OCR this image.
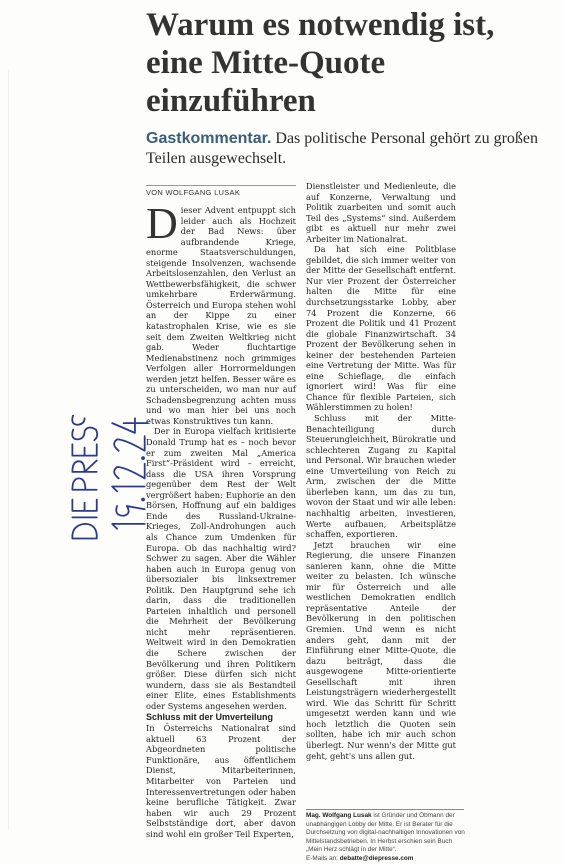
Warum es notwendig ist, eine Mitte-Quote einzuführen

Gastkommentar. Das politische Personal gehört zu großen Teilen ausgewechselt.

VON WOLFGANG LUSAK

Dieser Advent entpuppt sich leider auch als Hochzeit der Bad News: über aufbrandende Kriege, enorme Staatsverschuldungen, steigende Insolvenzen, wachsende Arbeitslosenzahlen, den Verlust an Wettbewerbsfähigkeit, die schwer umkehrbare Erderwärmung. Österreich und Europa stehen wohl an der Kippe zu einer katastrophalen Krise, wie es sie seit dem Zweiten Weltkrieg nicht gab. Weder fluchtartige Medienabstinenz noch grimmiges Verfolgen aller Horrormeldungen werden jetzt helfen. Besser wäre es zu unterscheiden, wo man nur auf Schadensbegrenzung achten muss und wo man hier bei uns noch etwas Konstruktives tun kann.

Der in Europa vielfach kritisierte Donald Trump hat es – noch bevor er zum zweiten Mal „America First“-Präsident wird – erreicht, dass die USA ihren Vorsprung gegenüber dem Rest der Welt vergrößert haben: Euphorie an den Börsen, Hoffnung auf ein baldiges Ende des Russland-Ukraine-Krieges, Zoll-Androhungen auch als Chance zum Umdenken für Europa. Ob das nachhaltig wird? Schwer zu sagen. Aber die Wähler haben auch in Europa genug von übersozialer bis linksextremer Politik. Den Hauptgrund sehe ich darin, dass die traditionellen Parteien inhaltlich und personell die Mehrheit der Bevölkerung nicht mehr repräsentieren. Weltweit wird in den Demokratien die Schere zwischen der Bevölkerung und ihren Politikern größer. Diese dürfen sich nicht wundern, dass sie als Bestandteil einer Elite, eines Establishments oder Systems angesehen werden.

Schluss mit der Umverteilung

In Österreichs Nationalrat sind aktuell 63 Prozent der Abgeordneten politische Funktionäre, aus öffentlichem Dienst, Mitarbeiterinnen, Mitarbeiter von Parteien und Interessenvertretungen oder haben keine berufliche Tätigkeit. Zwar haben wir auch 29 Prozent Selbstständige dort, aber davon sind wohl ein großer Teil Experten,

Dienstleister und Medienleute, die auf Konzerne, Verwaltung und Politik zuarbeiten und somit auch Teil des „Systems“ sind. Außerdem gibt es aktuell nur mehr zwei Arbeiter im Nationalrat.

Da hat sich eine Politblase gebildet, die sich immer weiter von der Mitte der Gesellschaft entfernt. Nur vier Prozent der Österreicher halten die Mitte für eine durchsetzungsstarke Lobby, aber 74 Prozent die Konzerne, 66 Prozent die Politik und 41 Prozent die globale Finanzwirtschaft. 34 Prozent der Bevölkerung sehen in keiner der bestehenden Parteien eine Vertretung der Mitte. Was für eine Schieflage, die einfach ignoriert wird! Was für eine Chance für flexible Parteien, sich Wählerstimmen zu holen!

Schluss mit der Mitte-Benachteiligung durch Steuerungleichheit, Bürokratie und schlechteren Zugang zu Kapital und Personal. Wir brauchen wieder eine Umverteilung von Reich zu Arm, zwischen der die Mitte überleben kann, um das zu tun, wovon der Staat und wir alle leben: nachhaltig arbeiten, investieren, Werte aufbauen, Arbeitsplätze schaffen, exportieren.

Jetzt brauchen wir eine Regierung, die unsere Finanzen sanieren kann, ohne die Mitte weiter zu belasten. Ich wünsche mir für Österreich und alle westlichen Demokratien endlich repräsentative Anteile der Bevölkerung in den politischen Gremien. Und wenn es nicht anders geht, dann mit der Einführung einer Mitte-Quote, die dazu beiträgt, dass die ausgewogene Mitte-orientierte Gesellschaft mit ihren Leistungsträgern wiederhergestellt wird. Wie das Schritt für Schritt umgesetzt werden kann und wie hoch letztlich die Quoten sein sollten, habe ich mir auch schon überlegt. Nur wenn's der Mitte gut geht, geht's uns allen gut.

Mag. Wolfgang Lusak ist Gründer und Obmann der unabhängigen Lobby der Mitte. Er ist Berater für die Durchsetzung von digital-nachhaltigen Innovationen von Mittelstandsbetrieben. In Herbst erschien sein Buch „Mein Herz schlägt in der Mitte“.
E-Mails an: debatte@diepresse.com
